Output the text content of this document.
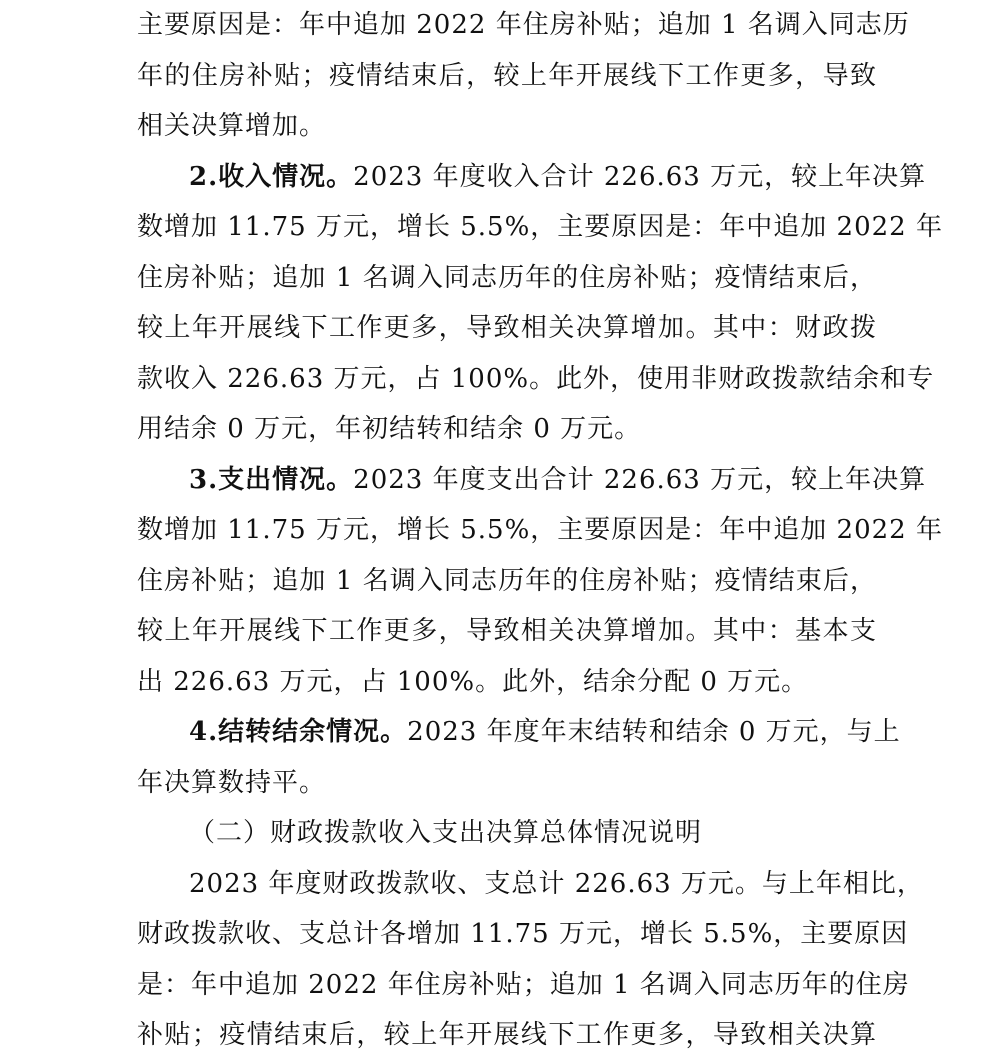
主要原因是：年中追加 2022 年住房补贴；追加 1 名调入同志历
年的住房补贴；疫情结束后，较上年开展线下工作更多，导致
相关决算增加。
2.收入情况。2023 年度收入合计 226.63 万元，较上年决算
数增加 11.75 万元，增长 5.5%，主要原因是：年中追加 2022 年
住房补贴；追加 1 名调入同志历年的住房补贴；疫情结束后，
较上年开展线下工作更多，导致相关决算增加。其中：财政拨
款收入 226.63 万元，占 100%。此外，使用非财政拨款结余和专
用结余 0 万元，年初结转和结余 0 万元。
3.支出情况。2023 年度支出合计 226.63 万元，较上年决算
数增加 11.75 万元，增长 5.5%，主要原因是：年中追加 2022 年
住房补贴；追加 1 名调入同志历年的住房补贴；疫情结束后，
较上年开展线下工作更多，导致相关决算增加。其中：基本支
出 226.63 万元，占 100%。此外，结余分配 0 万元。
4.结转结余情况。2023 年度年末结转和结余 0 万元，与上
年决算数持平。
（二）财政拨款收入支出决算总体情况说明
2023 年度财政拨款收、支总计 226.63 万元。与上年相比，
财政拨款收、支总计各增加 11.75 万元，增长 5.5%，主要原因
是：年中追加 2022 年住房补贴；追加 1 名调入同志历年的住房
补贴；疫情结束后，较上年开展线下工作更多，导致相关决算
